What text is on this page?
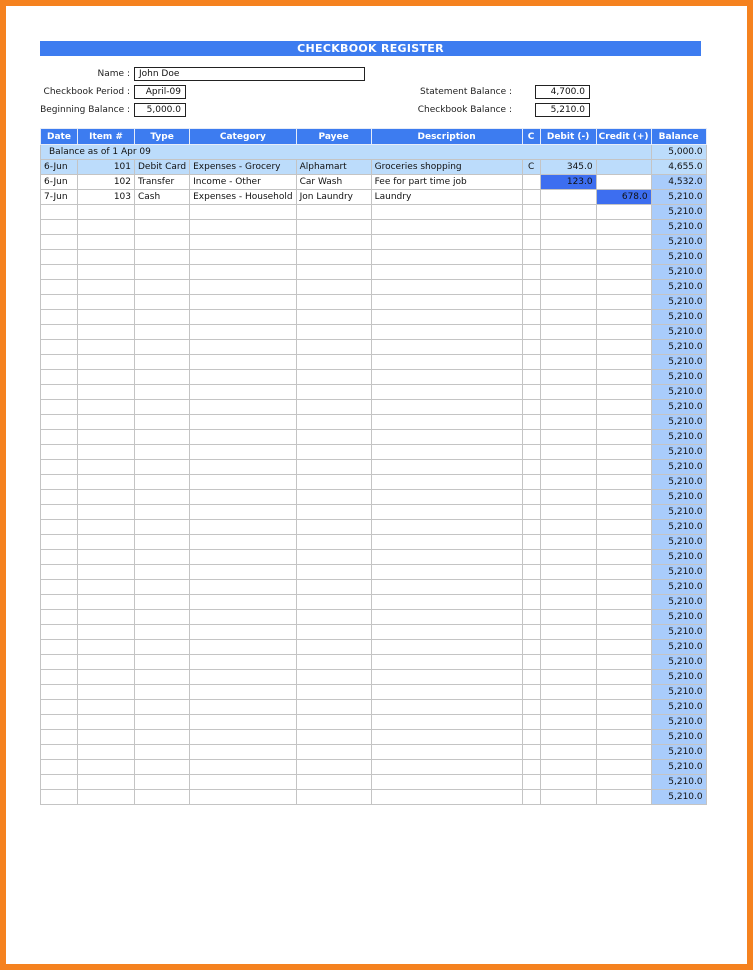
CHECKBOOK REGISTER
Name :	John Doe
Checkbook Period :	April-09
Beginning Balance :	5,000.0
Statement Balance :	4,700.0
Checkbook Balance :	5,210.0
Date	Item #	Type	Category	Payee	Description	C	Debit (-)	Credit (+)	Balance
Balance as of 1 Apr 09									5,000.0
6-Jun	101	Debit Card	Expenses - Grocery	Alphamart	Groceries shopping	C	345.0		4,655.0
6-Jun	102	Transfer	Income - Other	Car Wash	Fee for part time job		123.0		4,532.0
7-Jun	103	Cash	Expenses - Household	Jon Laundry	Laundry			678.0	5,210.0
									5,210.0
									5,210.0
									5,210.0
									5,210.0
									5,210.0
									5,210.0
									5,210.0
									5,210.0
									5,210.0
									5,210.0
									5,210.0
									5,210.0
									5,210.0
									5,210.0
									5,210.0
									5,210.0
									5,210.0
									5,210.0
									5,210.0
									5,210.0
									5,210.0
									5,210.0
									5,210.0
									5,210.0
									5,210.0
									5,210.0
									5,210.0
									5,210.0
									5,210.0
									5,210.0
									5,210.0
									5,210.0
									5,210.0
									5,210.0
									5,210.0
									5,210.0
									5,210.0
									5,210.0
									5,210.0
									5,210.0
